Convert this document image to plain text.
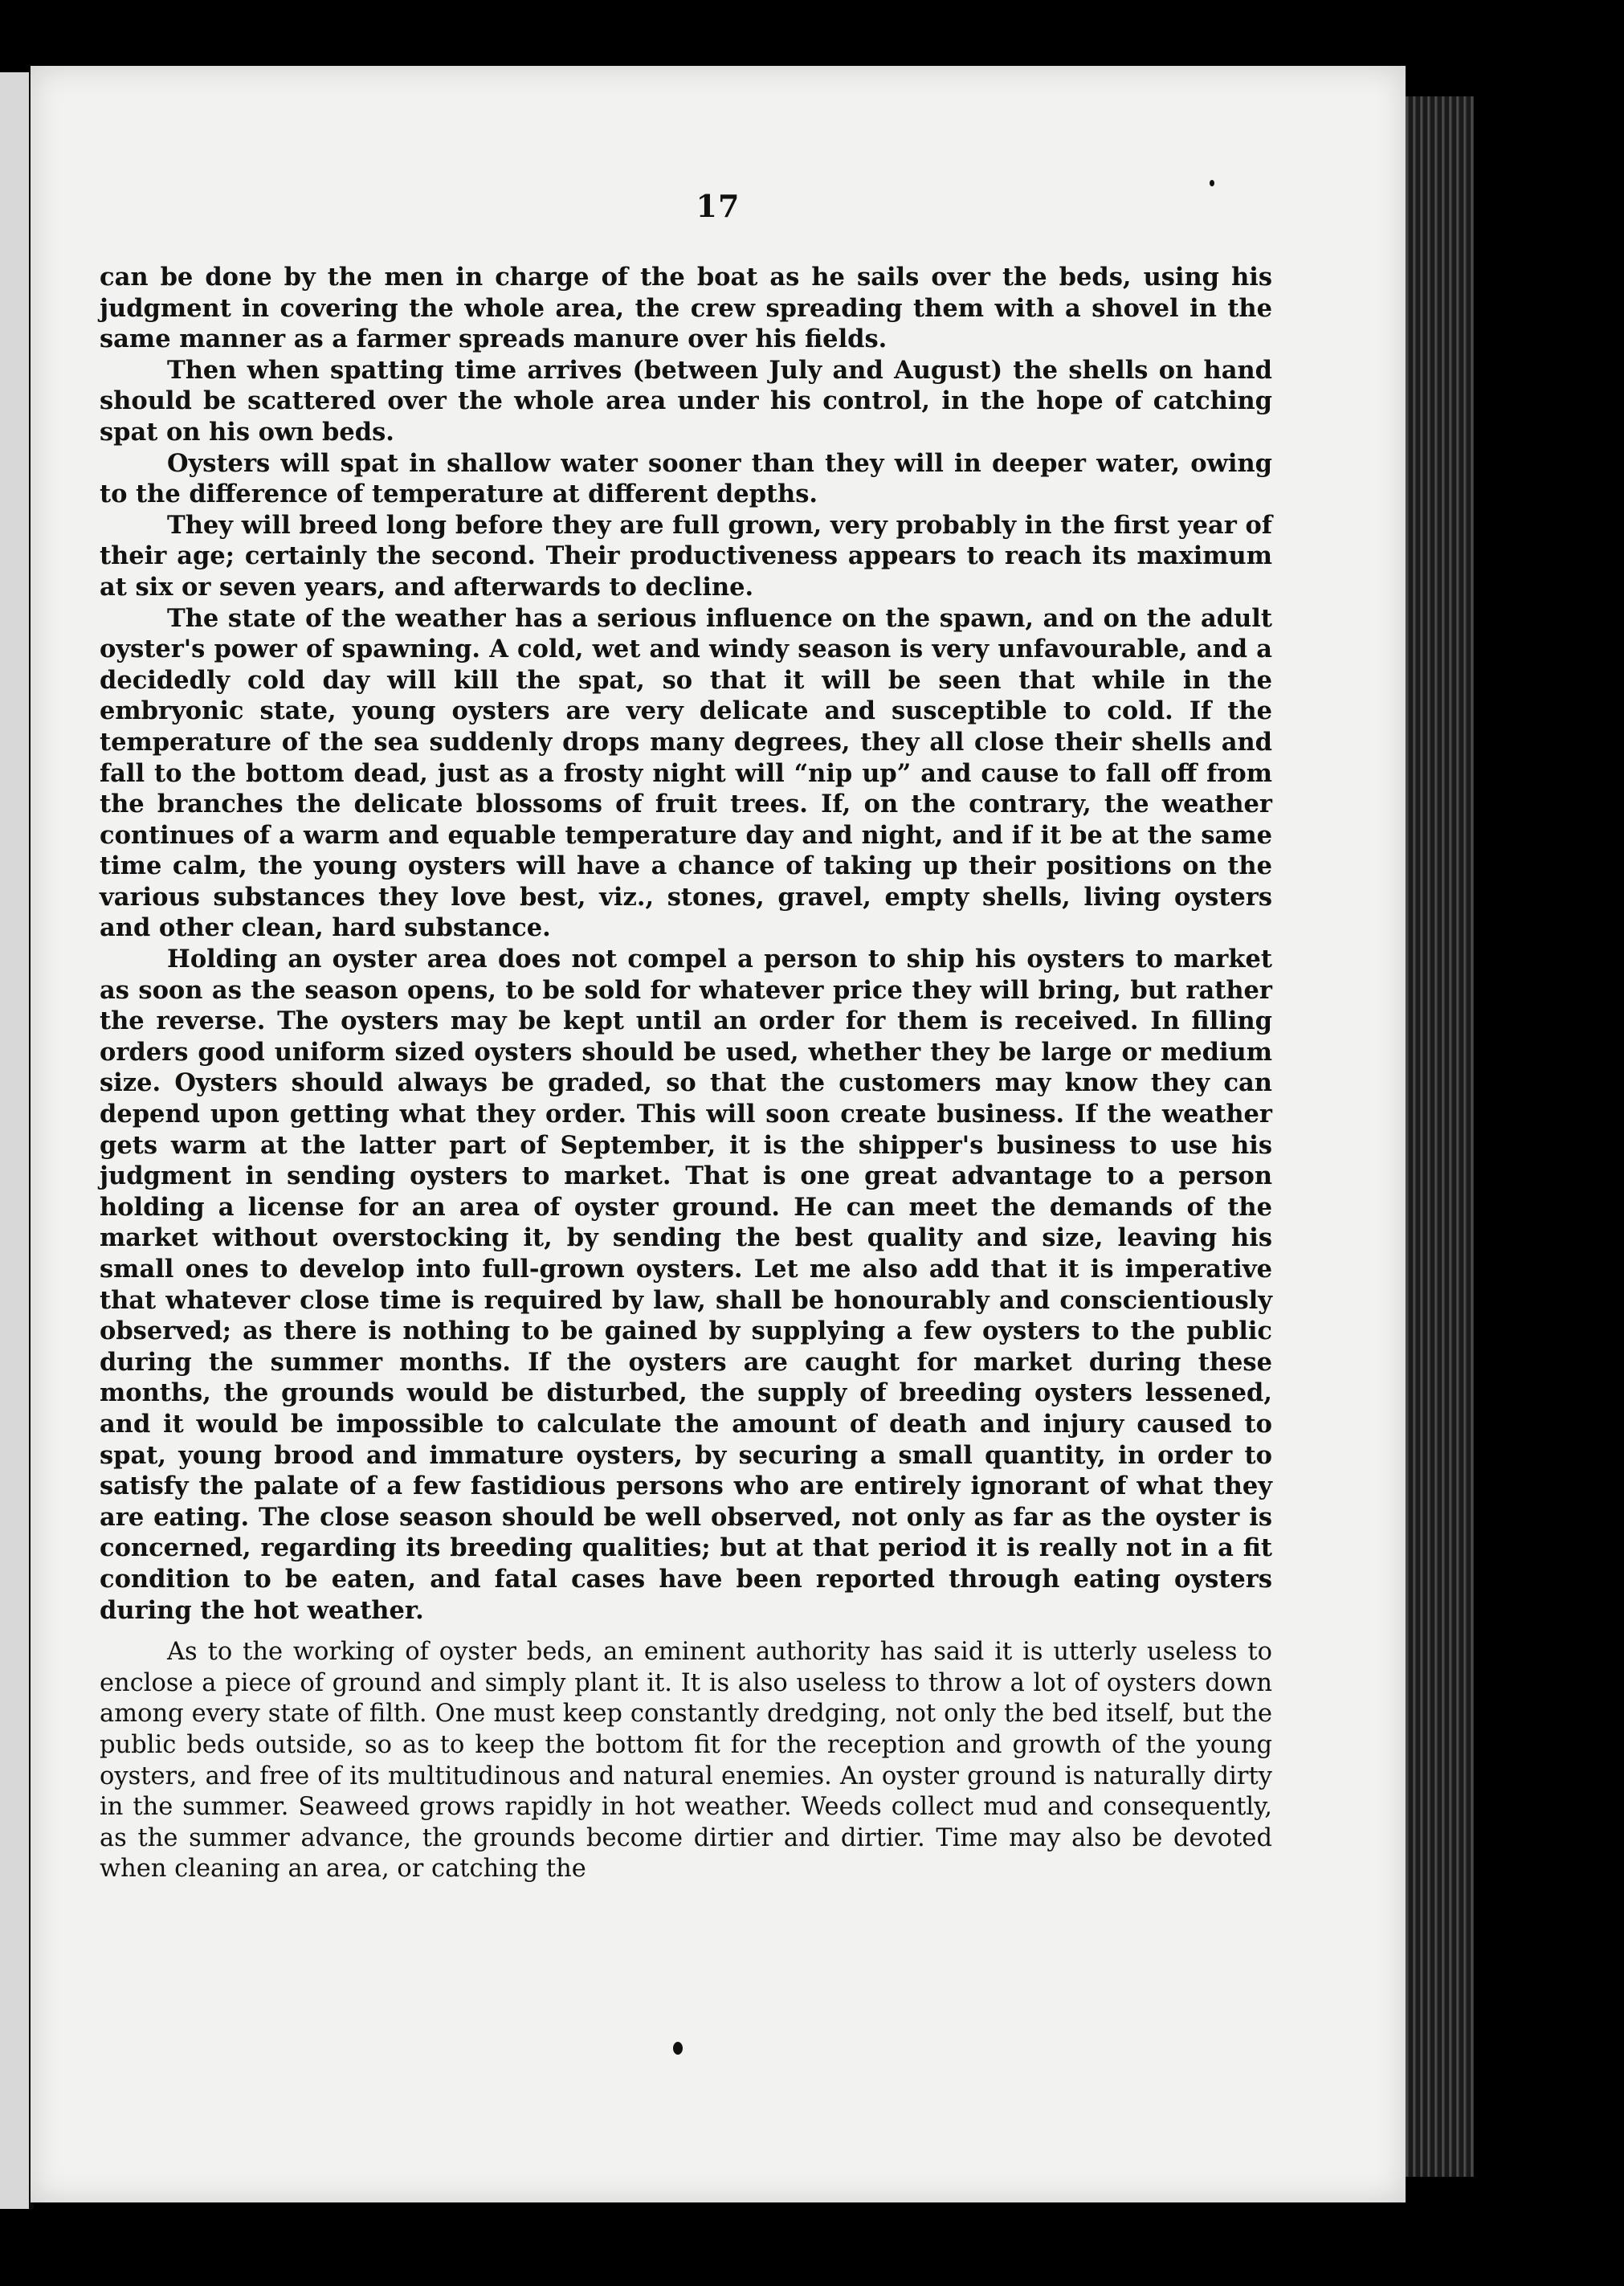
17

can be done by the men in charge of the boat as he sails over the beds, using his judgment in covering the whole area, the crew spreading them with a shovel in the same manner as a farmer spreads manure over his fields.

Then when spatting time arrives (between July and August) the shells on hand should be scattered over the whole area under his control, in the hope of catching spat on his own beds.

Oysters will spat in shallow water sooner than they will in deeper water, owing to the difference of temperature at different depths.

They will breed long before they are full grown, very probably in the first year of their age; certainly the second. Their productiveness appears to reach its maximum at six or seven years, and afterwards to decline.

The state of the weather has a serious influence on the spawn, and on the adult oyster's power of spawning. A cold, wet and windy season is very unfavourable, and a decidedly cold day will kill the spat, so that it will be seen that while in the embryonic state, young oysters are very delicate and susceptible to cold. If the temperature of the sea suddenly drops many degrees, they all close their shells and fall to the bottom dead, just as a frosty night will “nip up” and cause to fall off from the branches the delicate blossoms of fruit trees. If, on the contrary, the weather continues of a warm and equable temperature day and night, and if it be at the same time calm, the young oysters will have a chance of taking up their positions on the various substances they love best, viz., stones, gravel, empty shells, living oysters and other clean, hard substance.

Holding an oyster area does not compel a person to ship his oysters to market as soon as the season opens, to be sold for whatever price they will bring, but rather the reverse. The oysters may be kept until an order for them is received. In filling orders good uniform sized oysters should be used, whether they be large or medium size. Oysters should always be graded, so that the customers may know they can depend upon getting what they order. This will soon create business. If the weather gets warm at the latter part of September, it is the shipper's business to use his judgment in sending oysters to market. That is one great advantage to a person holding a license for an area of oyster ground. He can meet the demands of the market without overstocking it, by sending the best quality and size, leaving his small ones to develop into full-grown oysters. Let me also add that it is imperative that whatever close time is required by law, shall be honourably and conscientiously observed; as there is nothing to be gained by supplying a few oysters to the public during the summer months. If the oysters are caught for market during these months, the grounds would be disturbed, the supply of breeding oysters lessened, and it would be impossible to calculate the amount of death and injury caused to spat, young brood and immature oysters, by securing a small quantity, in order to satisfy the palate of a few fastidious persons who are entirely ignorant of what they are eating. The close season should be well observed, not only as far as the oyster is concerned, regarding its breeding qualities; but at that period it is really not in a fit condition to be eaten, and fatal cases have been reported through eating oysters during the hot weather.

As to the working of oyster beds, an eminent authority has said it is utterly useless to enclose a piece of ground and simply plant it. It is also useless to throw a lot of oysters down among every state of filth. One must keep constantly dredging, not only the bed itself, but the public beds outside, so as to keep the bottom fit for the reception and growth of the young oysters, and free of its multitudinous and natural enemies. An oyster ground is naturally dirty in the summer. Seaweed grows rapidly in hot weather. Weeds collect mud and consequently, as the summer advance, the grounds become dirtier and dirtier. Time may also be devoted when cleaning an area, or catching the
